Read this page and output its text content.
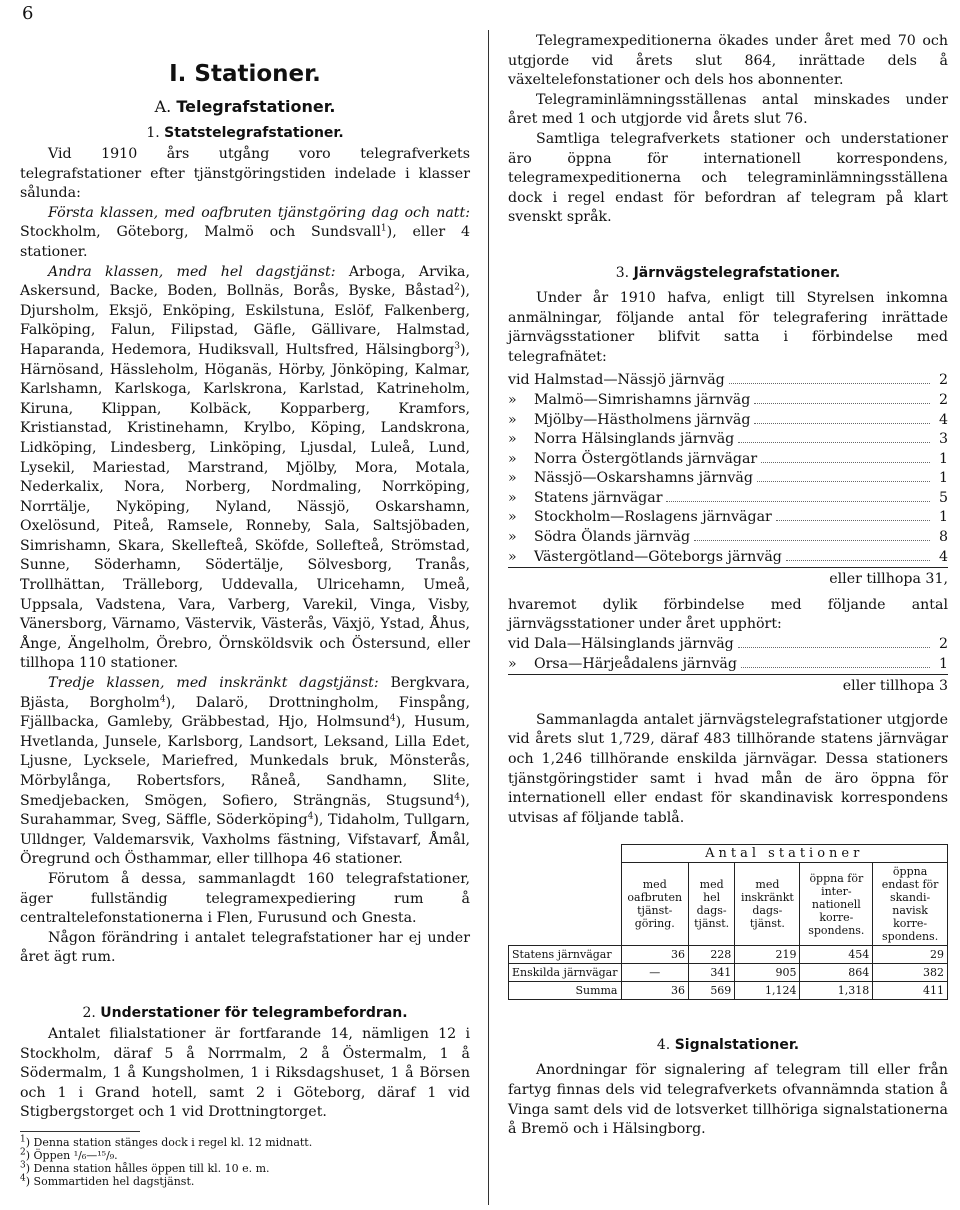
6
I. Stationer.
A. Telegrafstationer.
1. Statstelegrafstationer.

Vid 1910 års utgång voro telegrafverkets telegrafstationer efter tjänstgöringstiden indelade i klasser sålunda:

Första klassen, med oafbruten tjänstgöring dag och natt: Stockholm, Göteborg, Malmö och Sundsvall$^1$), eller 4 stationer.

Andra klassen, med hel dagstjänst: Arboga, Arvika, Askersund, Backe, Boden, Bollnäs, Borås, Byske, Båstad$^2$), Djursholm, Eksjö, Enköping, Eskilstuna, Eslöf, Falkenberg, Falköping, Falun, Filipstad, Gäfle, Gällivare, Halmstad, Haparanda, Hedemora, Hudiksvall, Hultsfred, Hälsingborg$^3$), Härnösand, Hässleholm, Höganäs, Hörby, Jönköping, Kalmar, Karlshamn, Karlskoga, Karlskrona, Karlstad, Katrineholm, Kiruna, Klippan, Kolbäck, Kopparberg, Kramfors, Kristianstad, Kristinehamn, Krylbo, Köping, Landskrona, Lidköping, Lindesberg, Linköping, Ljusdal, Luleå, Lund, Lysekil, Mariestad, Marstrand, Mjölby, Mora, Motala, Nederkalix, Nora, Norberg, Nordmaling, Norrköping, Norrtälje, Nyköping, Nyland, Nässjö, Oskarshamn, Oxelösund, Piteå, Ramsele, Ronneby, Sala, Saltsjöbaden, Simrishamn, Skara, Skellefteå, Sköfde, Sollefteå, Strömstad, Sunne, Söderhamn, Södertälje, Sölvesborg, Tranås, Trollhättan, Trälleborg, Uddevalla, Ulricehamn, Umeå, Uppsala, Vadstena, Vara, Varberg, Varekil, Vinga, Visby, Vänersborg, Värnamo, Västervik, Västerås, Växjö, Ystad, Åhus, Ånge, Ängelholm, Örebro, Örnsköldsvik och Östersund, eller tillhopa 110 stationer.

Tredje klassen, med inskränkt dagstjänst: Bergkvara, Bjästa, Borgholm$^4$), Dalarö, Drottningholm, Finspång, Fjällbacka, Gamleby, Gräbbestad, Hjo, Holmsund$^4$), Husum, Hvetlanda, Junsele, Karlsborg, Landsort, Leksand, Lilla Edet, Ljusne, Lycksele, Mariefred, Munkedals bruk, Mönsterås, Mörbylånga, Robertsfors, Råneå, Sandhamn, Slite, Smedjebacken, Smögen, Sofiero, Strängnäs, Stugsund$^4$), Surahammar, Sveg, Säffle, Söderköping$^4$), Tidaholm, Tullgarn, Ulldnger, Valdemarsvik, Vaxholms fästning, Vifstavarf, Åmål, Öregrund och Östhammar, eller tillhopa 46 stationer.

Förutom å dessa, sammanlagdt 160 telegrafstationer, äger fullständig telegramexpediering rum å centraltelefonstationerna i Flen, Furusund och Gnesta.

Någon förändring i antalet telegrafstationer har ej under året ägt rum.

2. Understationer för telegrambefordran.

Antalet filialstationer är fortfarande 14, nämligen 12 i Stockholm, däraf 5 å Norrmalm, 2 å Östermalm, 1 å Södermalm, 1 å Kungsholmen, 1 i Riksdagshuset, 1 å Börsen och 1 i Grand hotell, samt 2 i Göteborg, däraf 1 vid Stigbergstorget och 1 vid Drottningtorget.

$^1$) Denna station stänges dock i regel kl. 12 midnatt.

$^2$) Öppen ¹/₆—¹⁵/₉.

$^3$) Denna station hålles öppen till kl. 10 e. m.

$^4$) Sommartiden hel dagstjänst.

Telegramexpeditionerna ökades under året med 70 och utgjorde vid årets slut 864, inrättade dels å växeltelefonstationer och dels hos abonnenter.

Telegraminlämningsställenas antal minskades under året med 1 och utgjorde vid årets slut 76.

Samtliga telegrafverkets stationer och understationer äro öppna för internationell korrespondens, telegramexpeditionerna och telegraminlämningsställena dock i regel endast för befordran af telegram på klart svenskt språk.

3. Järnvägstelegrafstationer.

Under år 1910 hafva, enligt till Styrelsen inkomna anmälningar, följande antal för telegrafering inrättade järnvägsstationer blifvit satta i förbindelse med telegrafnätet:

vid Halmstad—Nässjö järnväg	2
»	Malmö—Simrishamns järnväg	2
»	Mjölby—Hästholmens järnväg	4
»	Norra Hälsinglands järnväg	3
»	Norra Östergötlands järnvägar	1
»	Nässjö—Oskarshamns järnväg	1
»	Statens järnvägar	5
»	Stockholm—Roslagens järnvägar	1
»	Södra Ölands järnväg	8
»	Västergötland—Göteborgs järnväg	4
eller tillhopa 31,

hvaremot dylik förbindelse med följande antal järnvägsstationer under året upphört:

vid Dala—Hälsinglands järnväg	2
»	Orsa—Härjeådalens järnväg	1
eller tillhopa 3

Sammanlagda antalet järnvägstelegrafstationer utgjorde vid årets slut 1,729, däraf 483 tillhörande statens järnvägar och 1,246 tillhörande enskilda järnvägar. Dessa stationers tjänstgöringstider samt i hvad mån de äro öppna för internationell eller endast för skandinavisk korrespondens utvisas af följande tablå.

	Antal stationer				
	med oafbruten tjänst-göring.	med hel dags-tjänst.	med inskränkt dags-tjänst.	öppna för inter-nationell korre-spondens.	öppna endast för skandi-navisk korre-spondens.
Statens järnvägar	36	228	219	454	29
Enskilda järnvägar	—	341	905	864	382
Summa	36	569	1,124	1,318	411
4. Signalstationer.

Anordningar för signalering af telegram till eller från fartyg finnas dels vid telegrafverkets ofvannämnda station å Vinga samt dels vid de lotsverket tillhöriga signalstationerna å Bremö och i Hälsingborg.
